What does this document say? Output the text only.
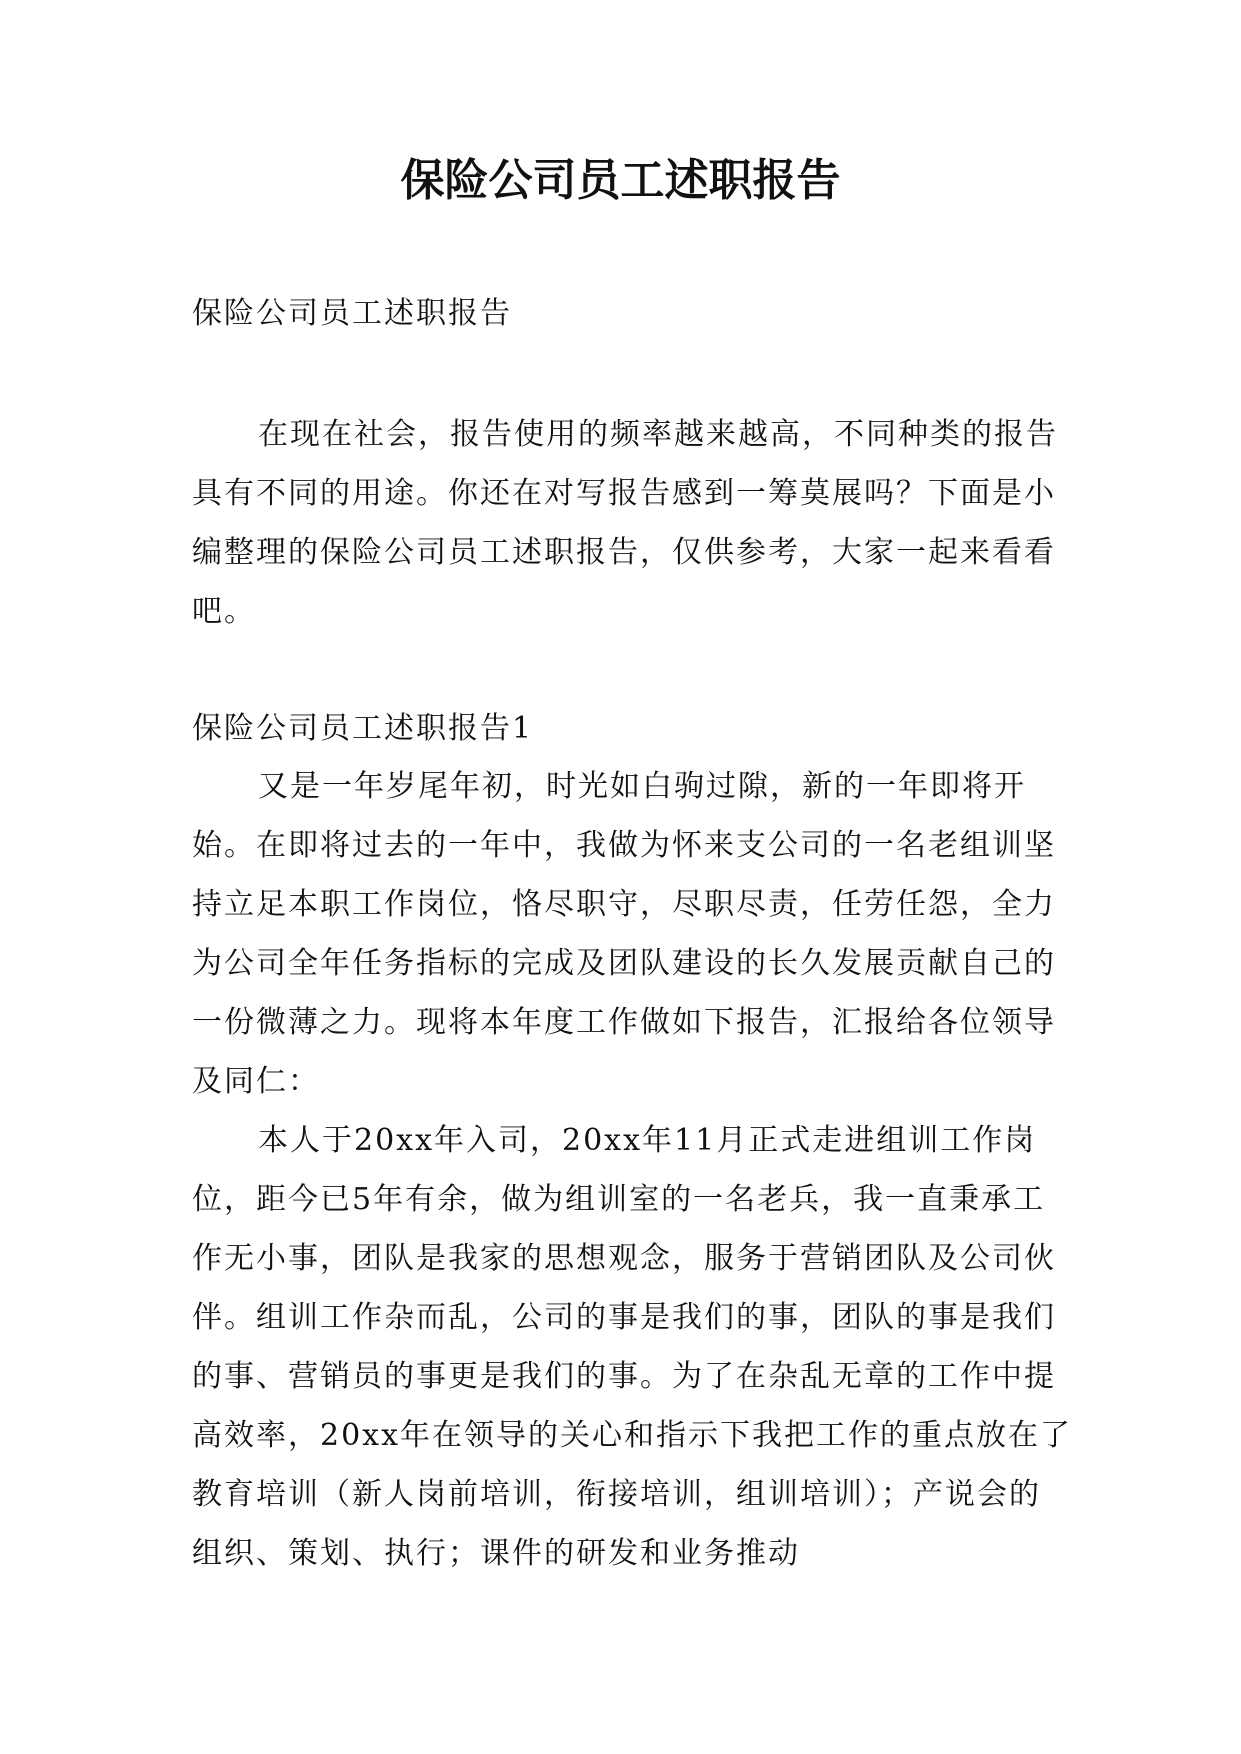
保险公司员工述职报告

保险公司员工述职报告

在现在社会，报告使用的频率越来越高，不同种类的报告具有不同的用途。你还在对写报告感到一筹莫展吗？下面是小编整理的保险公司员工述职报告，仅供参考，大家一起来看看吧。

保险公司员工述职报告1

又是一年岁尾年初，时光如白驹过隙，新的一年即将开始。在即将过去的一年中，我做为怀来支公司的一名老组训坚持立足本职工作岗位，恪尽职守，尽职尽责，任劳任怨，全力为公司全年任务指标的完成及团队建设的长久发展贡献自己的一份微薄之力。现将本年度工作做如下报告，汇报给各位领导及同仁：

本人于20xx年入司，20xx年11月正式走进组训工作岗位，距今已5年有余，做为组训室的一名老兵，我一直秉承工作无小事，团队是我家的思想观念，服务于营销团队及公司伙伴。组训工作杂而乱，公司的事是我们的事，团队的事是我们的事、营销员的事更是我们的事。为了在杂乱无章的工作中提高效率，20xx年在领导的关心和指示下我把工作的重点放在了教育培训（新人岗前培训，衔接培训，组训培训）；产说会的组织、策划、执行；课件的研发和业务推动
